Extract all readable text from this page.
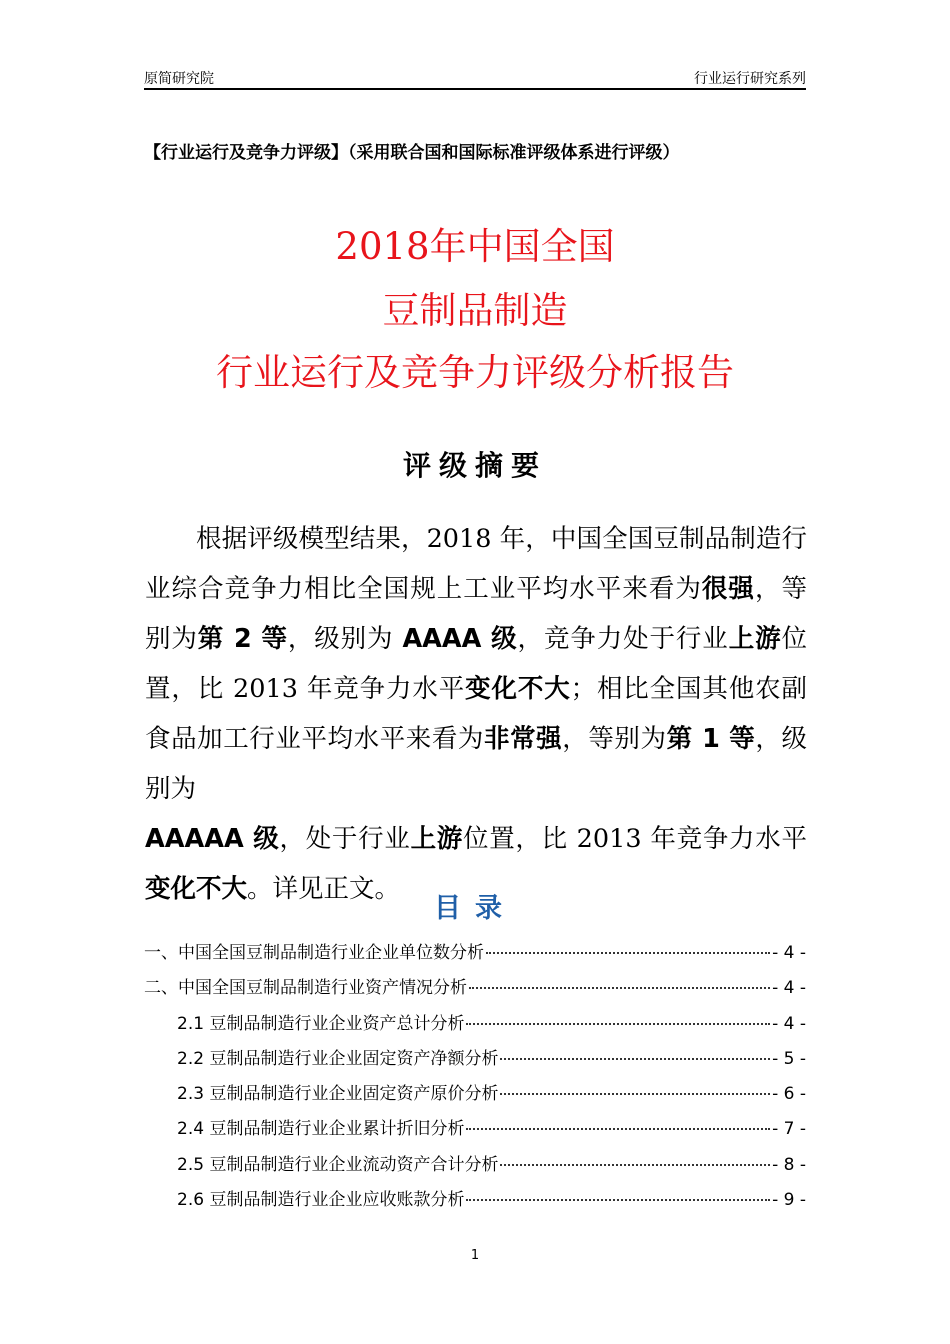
原简研究院	行业运行研究系列
【行业运行及竞争力评级】（采用联合国和国际标准评级体系进行评级）
2018年中国全国
豆制品制造
行业运行及竞争力评级分析报告
评级摘要

根据评级模型结果，2018 年，中国全国豆制品制造行业综合竞争力相比全国规上工业平均水平来看为很强，等别为第 2 等，级别为 AAAA 级，竞争力处于行业上游位置，比 2013 年竞争力水平变化不大；相比全国其他农副食品加工行业平均水平来看为非常强，等别为第 1 等，级别为
AAAAA 级，处于行业上游位置，比 2013 年竞争力水平变化不大。详见正文。

目录
一、中国全国豆制品制造行业企业单位数分析	- 4 -
二、中国全国豆制品制造行业资产情况分析	- 4 -
2.1 豆制品制造行业企业资产总计分析	- 4 -
2.2 豆制品制造行业企业固定资产净额分析	- 5 -
2.3 豆制品制造行业企业固定资产原价分析	- 6 -
2.4 豆制品制造行业企业累计折旧分析	- 7 -
2.5 豆制品制造行业企业流动资产合计分析	- 8 -
2.6 豆制品制造行业企业应收账款分析	- 9 -
1
